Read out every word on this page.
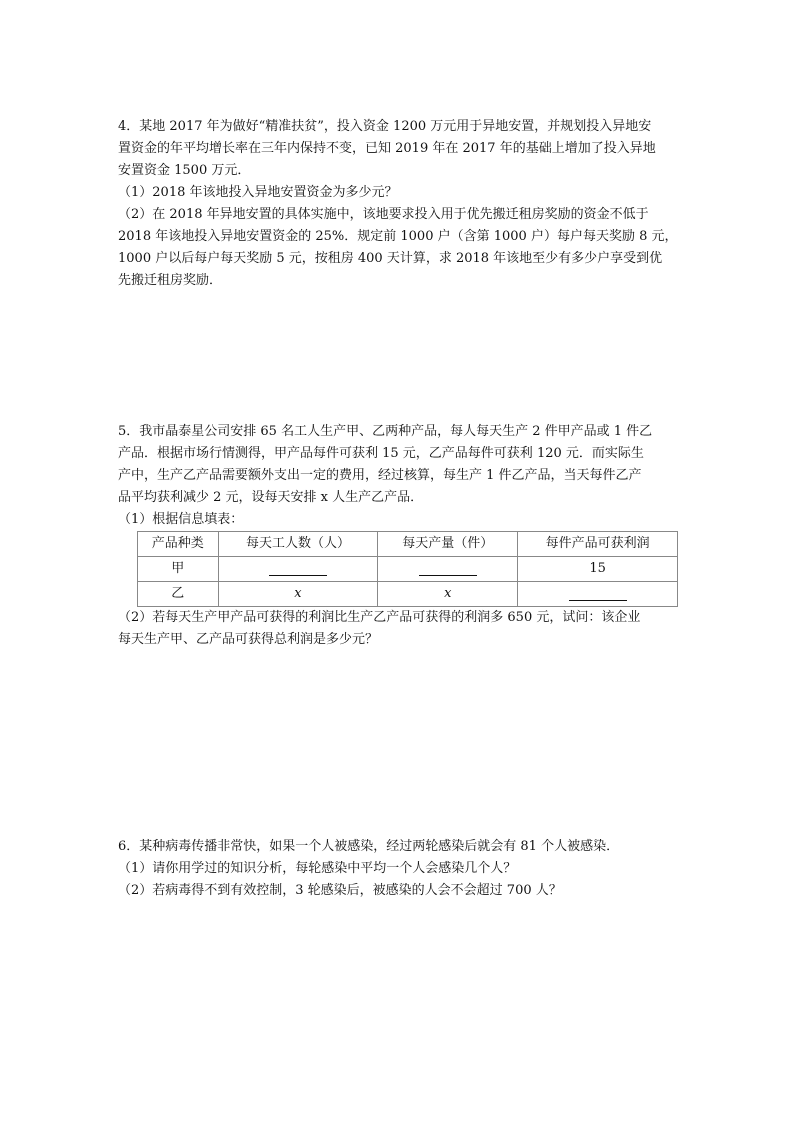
4．某地 2017 年为做好“精准扶贫”，投入资金 1200 万元用于异地安置，并规划投入异地安
置资金的年平均增长率在三年内保持不变，已知 2019 年在 2017 年的基础上增加了投入异地
安置资金 1500 万元．
（1）2018 年该地投入异地安置资金为多少元？
（2）在 2018 年异地安置的具体实施中，该地要求投入用于优先搬迁租房奖励的资金不低于
2018 年该地投入异地安置资金的 25%．规定前 1000 户（含第 1000 户）每户每天奖励 8 元，
1000 户以后每户每天奖励 5 元，按租房 400 天计算，求 2018 年该地至少有多少户享受到优
先搬迁租房奖励．
5．我市晶泰星公司安排 65 名工人生产甲、乙两种产品，每人每天生产 2 件甲产品或 1 件乙
产品．根据市场行情测得，甲产品每件可获利 15 元，乙产品每件可获利 120 元．而实际生
产中，生产乙产品需要额外支出一定的费用，经过核算，每生产 1 件乙产品，当天每件乙产
品平均获利减少 2 元，设每天安排 x 人生产乙产品．
（1）根据信息填表：
产品种类	每天工人数（人）	每天产量（件）	每件产品可获利润
甲			15
乙	x	x	
（2）若每天生产甲产品可获得的利润比生产乙产品可获得的利润多 650 元，试问：该企业
每天生产甲、乙产品可获得总利润是多少元？
6．某种病毒传播非常快，如果一个人被感染，经过两轮感染后就会有 81 个人被感染．
（1）请你用学过的知识分析，每轮感染中平均一个人会感染几个人？
（2）若病毒得不到有效控制，3 轮感染后，被感染的人会不会超过 700 人？
